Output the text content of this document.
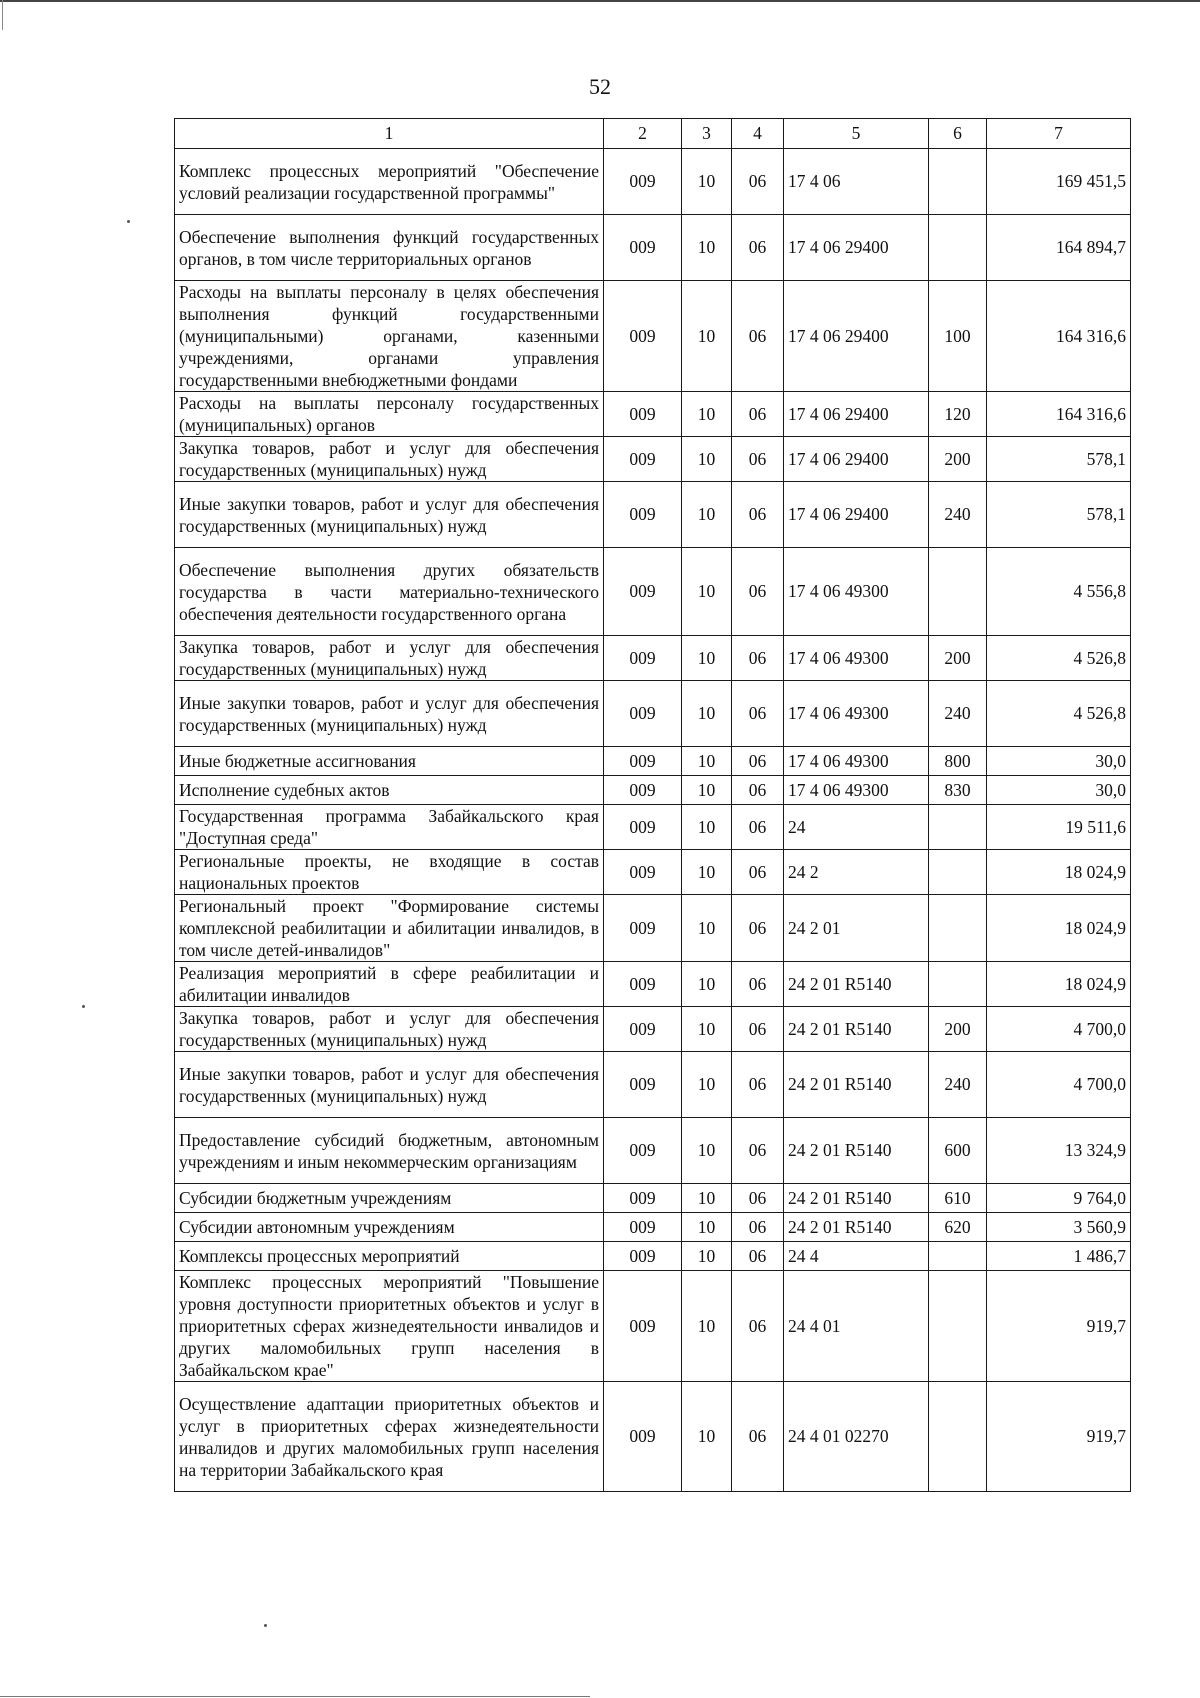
52
1	2	3	4	5	6	7
Комплекс процессных мероприятий "Обеспечение условий реализации государственной программы"	009	10	06	17 4 06		169 451,5
Обеспечение выполнения функций государственных органов, в том числе территориальных органов	009	10	06	17 4 06 29400		164 894,7
Расходы на выплаты персоналу в целях обеспечения выполнения функций государственными (муниципальными) органами, казенными учреждениями, органами управления государственными внебюджетными фондами	009	10	06	17 4 06 29400	100	164 316,6
Расходы на выплаты персоналу государственных (муниципальных) органов	009	10	06	17 4 06 29400	120	164 316,6
Закупка товаров, работ и услуг для обеспечения государственных (муниципальных) нужд	009	10	06	17 4 06 29400	200	578,1
Иные закупки товаров, работ и услуг для обеспечения государственных (муниципальных) нужд	009	10	06	17 4 06 29400	240	578,1
Обеспечение выполнения других обязательств государства в части материально-технического обеспечения деятельности государственного органа	009	10	06	17 4 06 49300		4 556,8
Закупка товаров, работ и услуг для обеспечения государственных (муниципальных) нужд	009	10	06	17 4 06 49300	200	4 526,8
Иные закупки товаров, работ и услуг для обеспечения государственных (муниципальных) нужд	009	10	06	17 4 06 49300	240	4 526,8
Иные бюджетные ассигнования	009	10	06	17 4 06 49300	800	30,0
Исполнение судебных актов	009	10	06	17 4 06 49300	830	30,0
Государственная программа Забайкальского края "Доступная среда"	009	10	06	24		19 511,6
Региональные проекты, не входящие в состав национальных проектов	009	10	06	24 2		18 024,9
Региональный проект "Формирование системы комплексной реабилитации и абилитации инвалидов, в том числе детей-инвалидов"	009	10	06	24 2 01		18 024,9
Реализация мероприятий в сфере реабилитации и абилитации инвалидов	009	10	06	24 2 01 R5140		18 024,9
Закупка товаров, работ и услуг для обеспечения государственных (муниципальных) нужд	009	10	06	24 2 01 R5140	200	4 700,0
Иные закупки товаров, работ и услуг для обеспечения государственных (муниципальных) нужд	009	10	06	24 2 01 R5140	240	4 700,0
Предоставление субсидий бюджетным, автономным учреждениям и иным некоммерческим организациям	009	10	06	24 2 01 R5140	600	13 324,9
Субсидии бюджетным учреждениям	009	10	06	24 2 01 R5140	610	9 764,0
Субсидии автономным учреждениям	009	10	06	24 2 01 R5140	620	3 560,9
Комплексы процессных мероприятий	009	10	06	24 4		1 486,7
Комплекс процессных мероприятий "Повышение уровня доступности приоритетных объектов и услуг в приоритетных сферах жизнедеятельности инвалидов и других маломобильных групп населения в Забайкальском крае"	009	10	06	24 4 01		919,7
Осуществление адаптации приоритетных объектов и услуг в приоритетных сферах жизнедеятельности инвалидов и других маломобильных групп населения на территории Забайкальского края	009	10	06	24 4 01 02270		919,7
